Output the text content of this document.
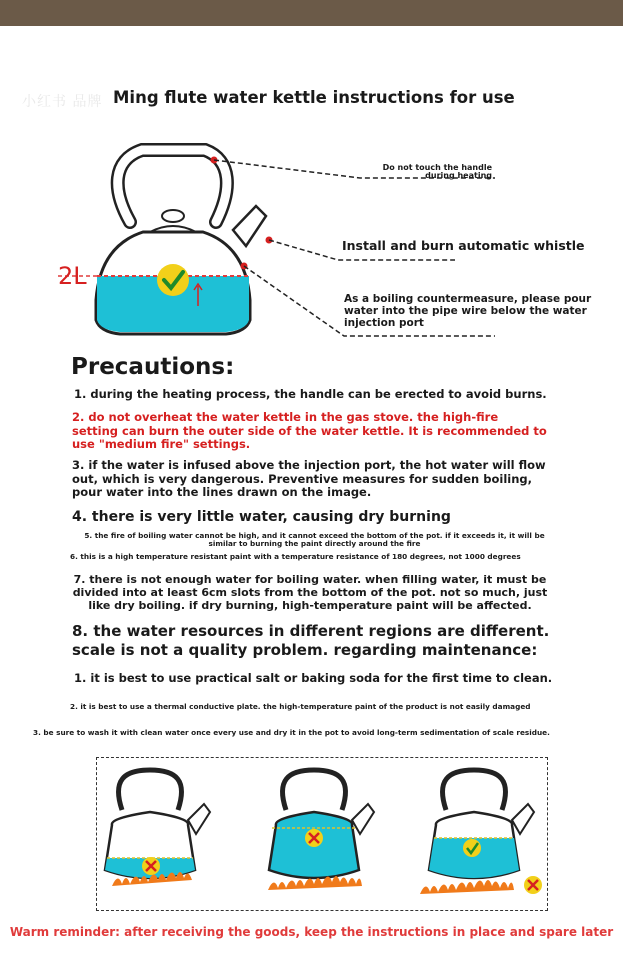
小红书 品牌 Ming flute water kettle instructions for use
2L
Do not touch the handle during heating
Install and burn automatic whistle
As a boiling countermeasure, please pour water into the pipe wire below the water injection port
Precautions:
1. during the heating process, the handle can be erected to avoid burns.
2. do not overheat the water kettle in the gas stove. the high-fire setting can burn the outer side of the water kettle. It is recommended to use "medium fire" settings.
3. if the water is infused above the injection port, the hot water will flow out, which is very dangerous. Preventive measures for sudden boiling, pour water into the lines drawn on the image.
4. there is very little water, causing dry burning
5. the fire of boiling water cannot be high, and it cannot exceed the bottom of the pot. if it exceeds it, it will be similar to burning the paint directly around the fire
6. this is a high temperature resistant paint with a temperature resistance of 180 degrees, not 1000 degrees
7. there is not enough water for boiling water. when filling water, it must be divided into at least 6cm slots from the bottom of the pot. not so much, just like dry boiling. if dry burning, high-temperature paint will be affected.
8. the water resources in different regions are different. scale is not a quality problem. regarding maintenance:
1. it is best to use practical salt or baking soda for the first time to clean.
2. it is best to use a thermal conductive plate. the high-temperature paint of the product is not easily damaged
3. be sure to wash it with clean water once every use and dry it in the pot to avoid long-term sedimentation of scale residue.
Warm reminder: after receiving the goods, keep the instructions in place and spare later
